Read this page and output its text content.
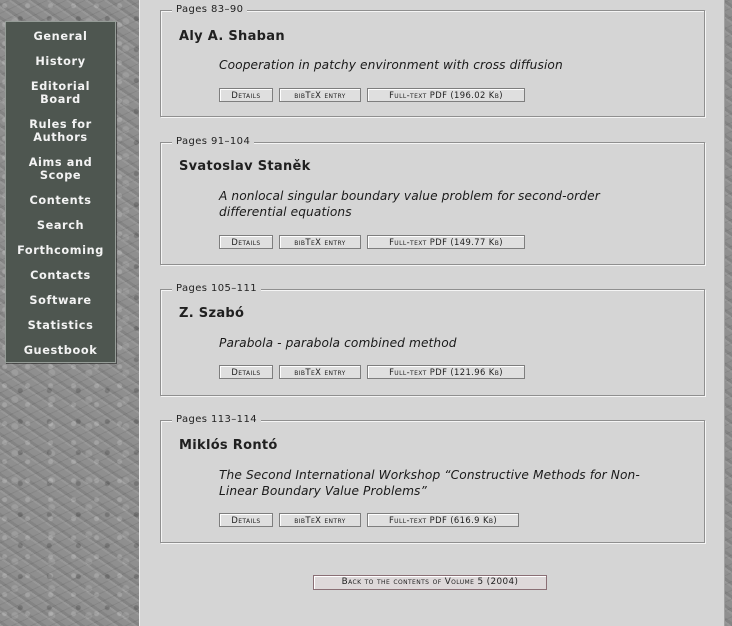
General
History
Editorial
Board
Rules for
Authors
Aims and
Scope
Contents
Search
Forthcoming
Contacts
Software
Statistics
Guestbook
Pages 83–90
Aly A. Shaban
Cooperation in patchy environment with cross diffusion
Details	bibTeX entry	Full-text PDF (196.02 Kb)
Pages 91–104
Svatoslav Staněk
A nonlocal singular boundary value problem for second-order differential equations
Details	bibTeX entry	Full-text PDF (149.77 Kb)
Pages 105–111
Z. Szabó
Parabola - parabola combined method
Details	bibTeX entry	Full-text PDF (121.96 Kb)
Pages 113–114
Miklós Rontó
The Second International Workshop “Constructive Methods for Non-Linear Boundary Value Problems”
Details	bibTeX entry	Full-text PDF (616.9 Kb)
Back to the contents of Volume 5 (2004)
